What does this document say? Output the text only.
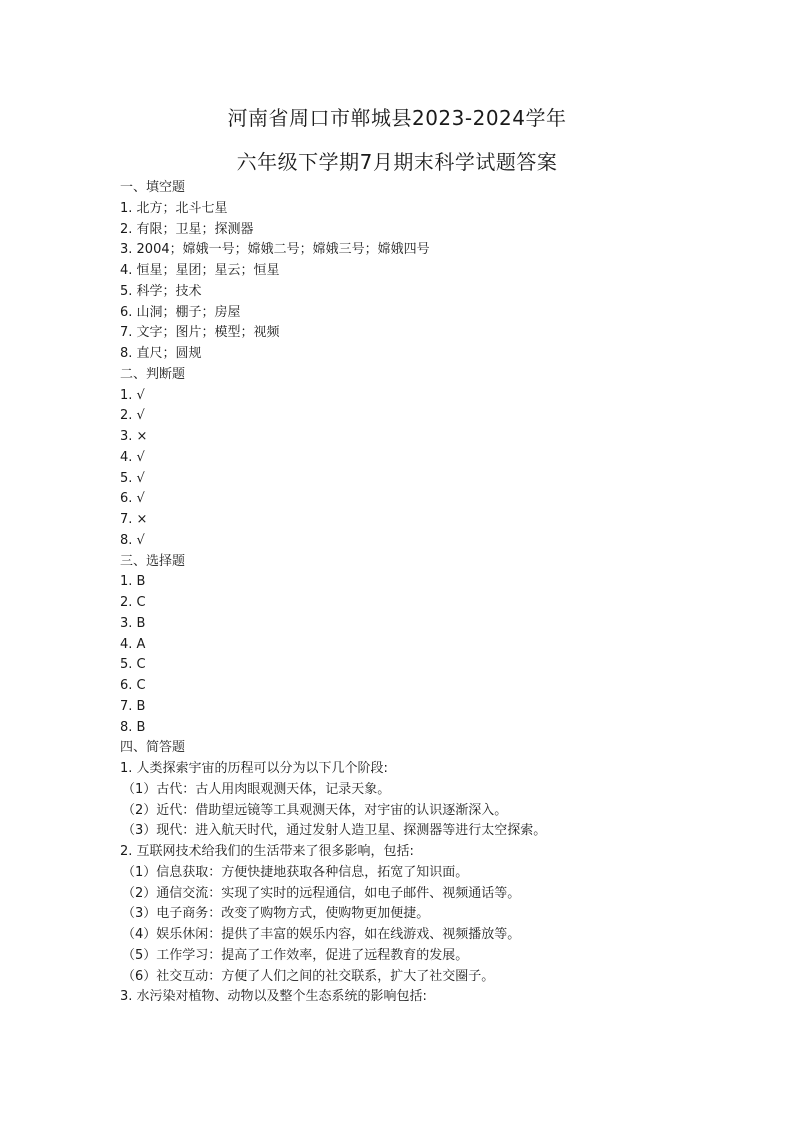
河南省周口市郸城县2023-2024学年
六年级下学期7月期末科学试题答案
一、填空题
1. 北方；北斗七星
2. 有限；卫星；探测器
3. 2004；嫦娥一号；嫦娥二号；嫦娥三号；嫦娥四号
4. 恒星；星团；星云；恒星
5. 科学；技术
6. 山洞；棚子；房屋
7. 文字；图片；模型；视频
8. 直尺；圆规
二、判断题
1. √
2. √
3. ×
4. √
5. √
6. √
7. ×
8. √
三、选择题
1. B
2. C
3. B
4. A
5. C
6. C
7. B
8. B
四、简答题
1. 人类探索宇宙的历程可以分为以下几个阶段:
（1）古代：古人用肉眼观测天体，记录天象。
（2）近代：借助望远镜等工具观测天体，对宇宙的认识逐渐深入。
（3）现代：进入航天时代，通过发射人造卫星、探测器等进行太空探索。
2. 互联网技术给我们的生活带来了很多影响，包括:
（1）信息获取：方便快捷地获取各种信息，拓宽了知识面。
（2）通信交流：实现了实时的远程通信，如电子邮件、视频通话等。
（3）电子商务：改变了购物方式，使购物更加便捷。
（4）娱乐休闲：提供了丰富的娱乐内容，如在线游戏、视频播放等。
（5）工作学习：提高了工作效率，促进了远程教育的发展。
（6）社交互动：方便了人们之间的社交联系，扩大了社交圈子。
3. 水污染对植物、动物以及整个生态系统的影响包括:
